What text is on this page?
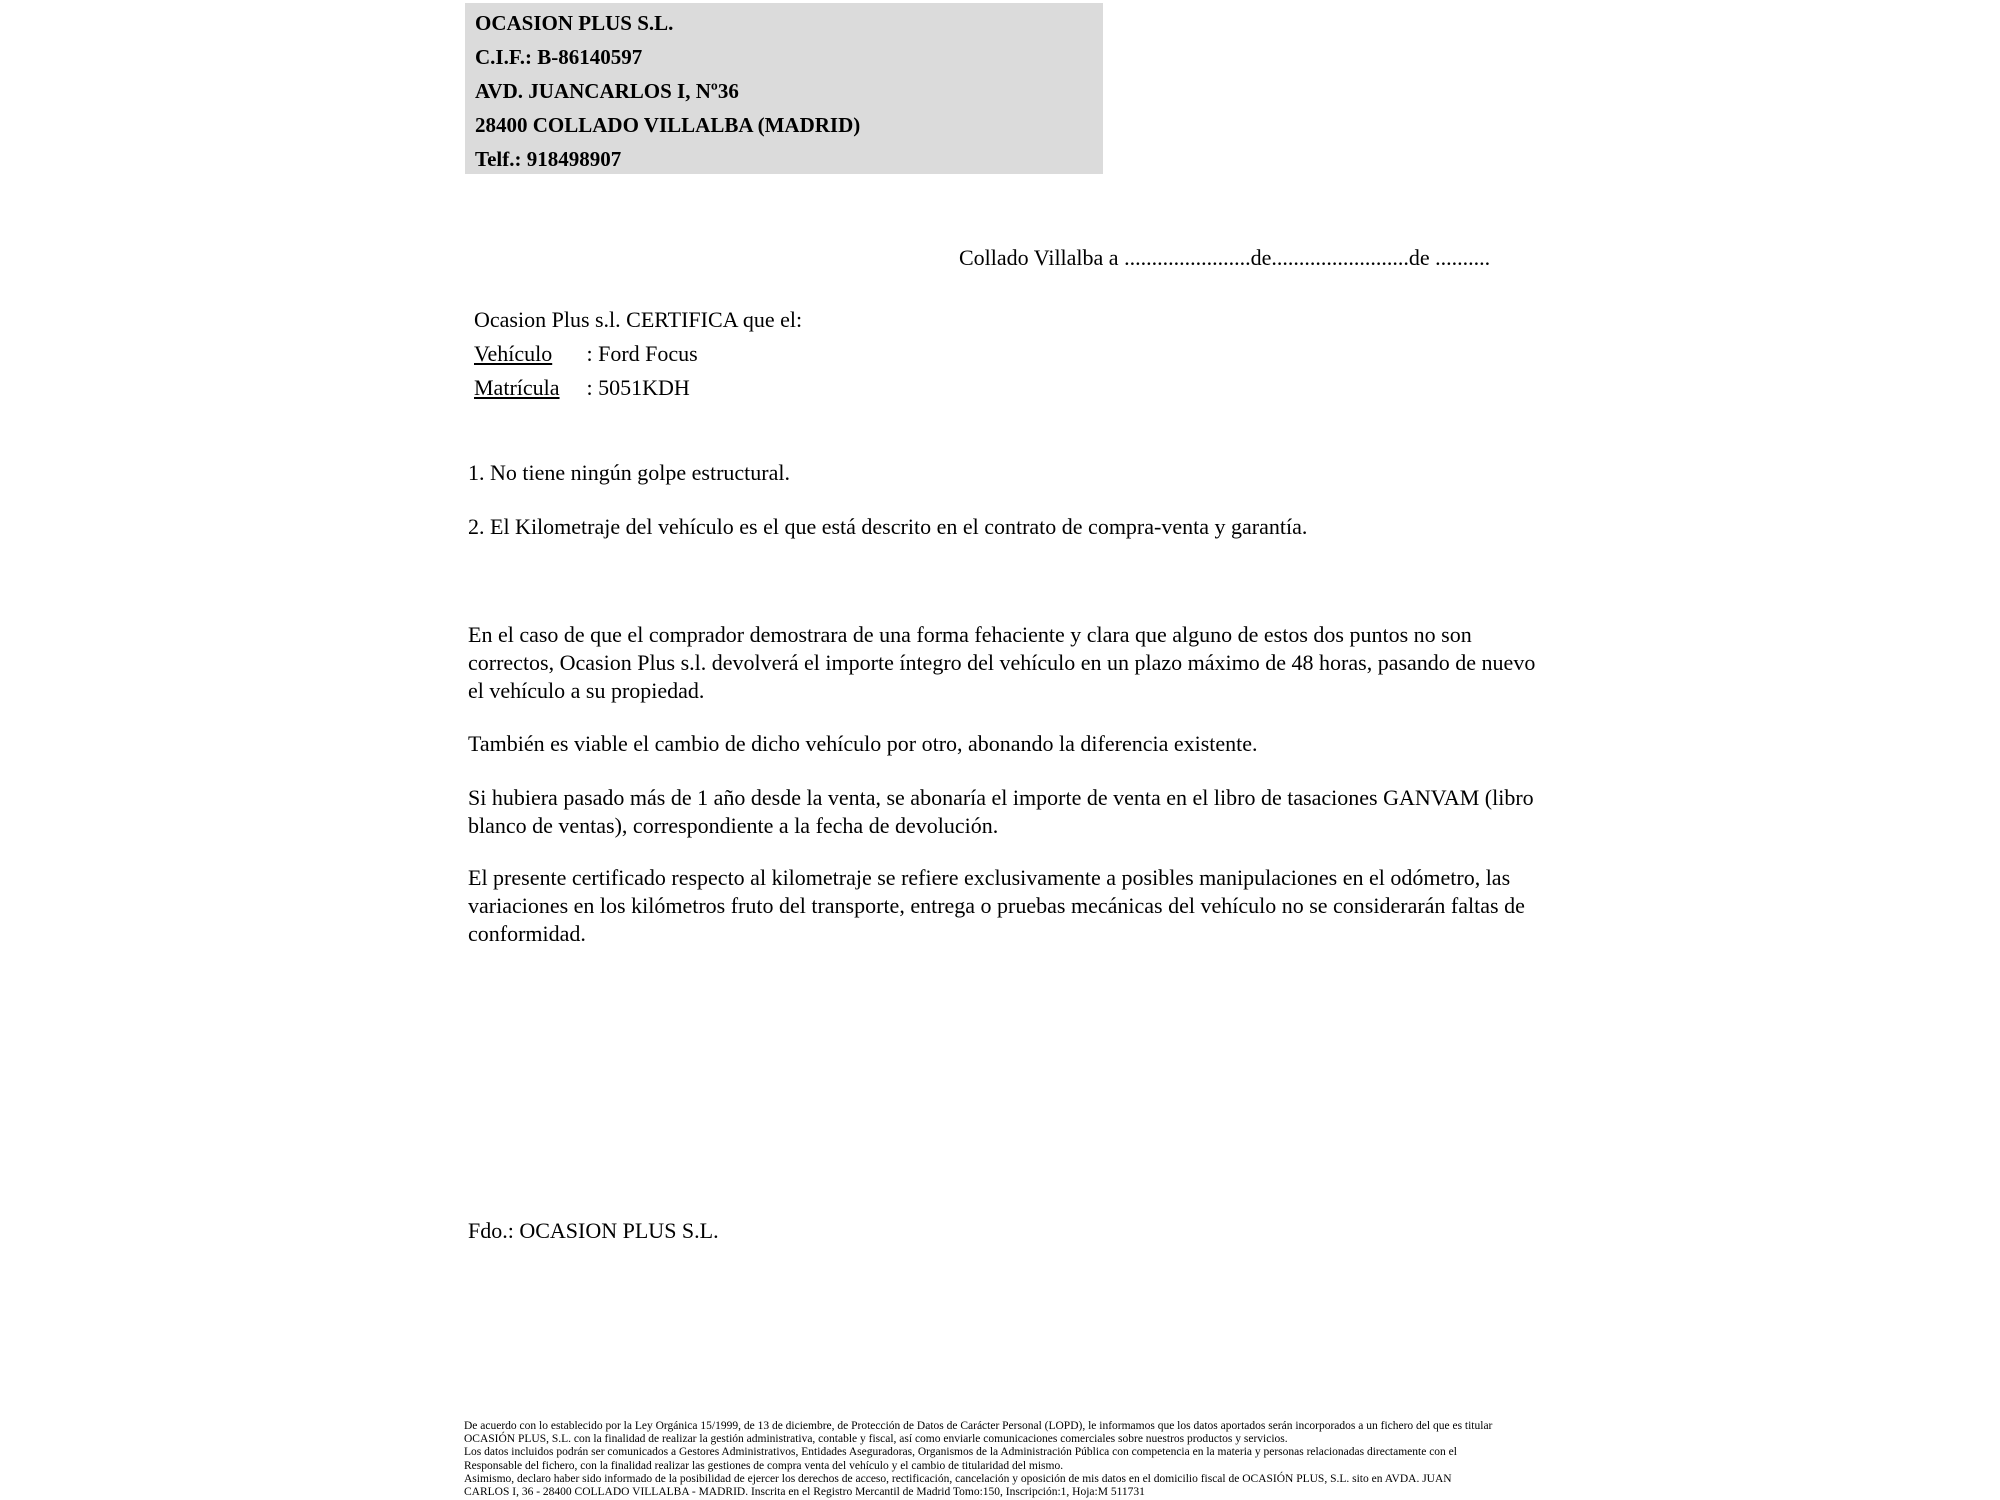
OCASION PLUS S.L.
C.I.F.: B-86140597
AVD. JUANCARLOS I, Nº36
28400 COLLADO VILLALBA (MADRID)
Telf.: 918498907
Collado Villalba a .......................de.........................de ..........
Ocasion Plus s.l. CERTIFICA que el:
Vehículo : Ford Focus
Matrícula : 5051KDH
1. No tiene ningún golpe estructural.
2. El Kilometraje del vehículo es el que está descrito en el contrato de compra-venta y garantía.
En el caso de que el comprador demostrara de una forma fehaciente y clara que alguno de estos dos puntos no son correctos, Ocasion Plus s.l. devolverá el importe íntegro del vehículo en un plazo máximo de 48 horas, pasando de nuevo el vehículo a su propiedad.
También es viable el cambio de dicho vehículo por otro, abonando la diferencia existente.
Si hubiera pasado más de 1 año desde la venta, se abonaría el importe de venta en el libro de tasaciones GANVAM (libro blanco de ventas), correspondiente a la fecha de devolución.
El presente certificado respecto al kilometraje se refiere exclusivamente a posibles manipulaciones en el odómetro, las variaciones en los kilómetros fruto del transporte, entrega o pruebas mecánicas del vehículo no se considerarán faltas de conformidad.
Fdo.: OCASION PLUS S.L.
De acuerdo con lo establecido por la Ley Orgánica 15/1999, de 13 de diciembre, de Protección de Datos de Carácter Personal (LOPD), le informamos que los datos aportados serán incorporados a un fichero del que es titular
OCASIÓN PLUS, S.L. con la finalidad de realizar la gestión administrativa, contable y fiscal, así como enviarle comunicaciones comerciales sobre nuestros productos y servicios.
Los datos incluidos podrán ser comunicados a Gestores Administrativos, Entidades Aseguradoras, Organismos de la Administración Pública con competencia en la materia y personas relacionadas directamente con el
Responsable del fichero, con la finalidad realizar las gestiones de compra venta del vehículo y el cambio de titularidad del mismo.
Asimismo, declaro haber sido informado de la posibilidad de ejercer los derechos de acceso, rectificación, cancelación y oposición de mis datos en el domicilio fiscal de OCASIÓN PLUS, S.L. sito en AVDA. JUAN
CARLOS I, 36 - 28400 COLLADO VILLALBA - MADRID. Inscrita en el Registro Mercantil de Madrid Tomo:150, Inscripción:1, Hoja:M 511731
